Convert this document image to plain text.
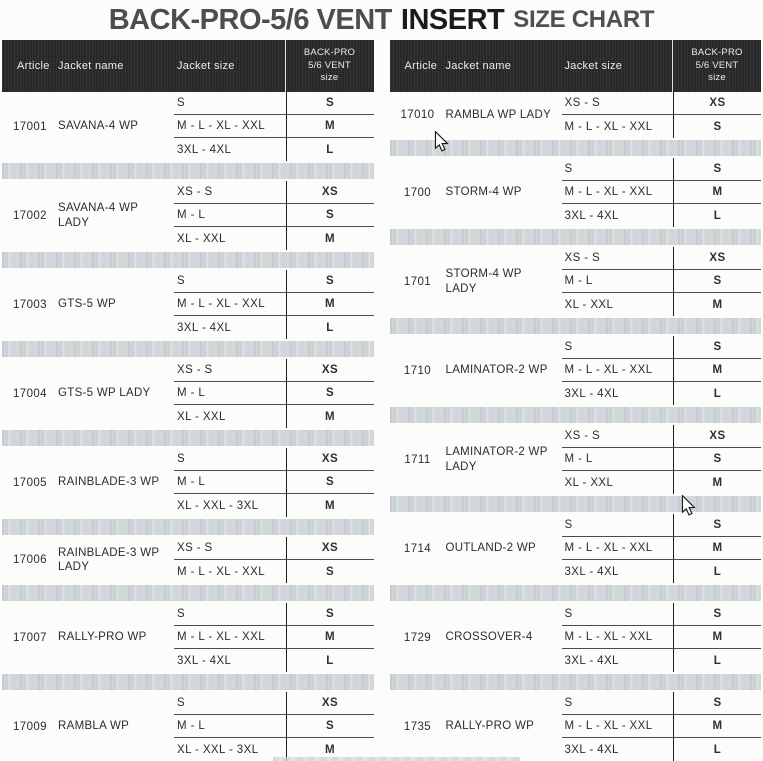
BACK-PRO-5/6 VENT INSERT SIZE CHART
Article Jacket name	Jacket size
BACK-PRO
5/6 VENT
size
17001 SAVANA-4 WP
S	S
M - L - XL - XXL	M
3XL - 4XL	L
17002
SAVANA-4 WP LADY
XS - S	XS
M - L	S
XL - XXL	M
17003 GTS-5 WP
S	S
M - L - XL - XXL	M
3XL - 4XL	L
17004 GTS-5 WP LADY
XS - S	XS
M - L	S
XL - XXL	M
17005 RAINBLADE-3 WP
S	XS
M - L	S
XL - XXL - 3XL	M
17006
RAINBLADE-3 WP LADY
XS - S	XS
M - L - XL - XXL	S
17007 RALLY-PRO WP
S	S
M - L - XL - XXL	M
3XL - 4XL	L
17009 RAMBLA WP
S	XS
M - L	S
XL - XXL - 3XL	M
Article Jacket name	Jacket size
BACK-PRO
5/6 VENT
size
17010 RAMBLA WP LADY
XS - S	XS
M - L - XL - XXL	S
1700	STORM-4 WP
S	S
M - L - XL - XXL	M
3XL - 4XL	L
1701
STORM-4 WP LADY
XS - S	XS
M - L	S
XL - XXL	M
1710	LAMINATOR-2 WP
S	S
M - L - XL - XXL	M
3XL - 4XL	L
1711
LAMINATOR-2 WP LADY
XS - S	XS
M - L	S
XL - XXL	M
1714	OUTLAND-2 WP
S	S
M - L - XL - XXL	M
3XL - 4XL	L
1729	CROSSOVER-4
S	S
M - L - XL - XXL	M
3XL - 4XL	L
1735	RALLY-PRO WP
S	S
M - L - XL - XXL	M
3XL - 4XL	L
